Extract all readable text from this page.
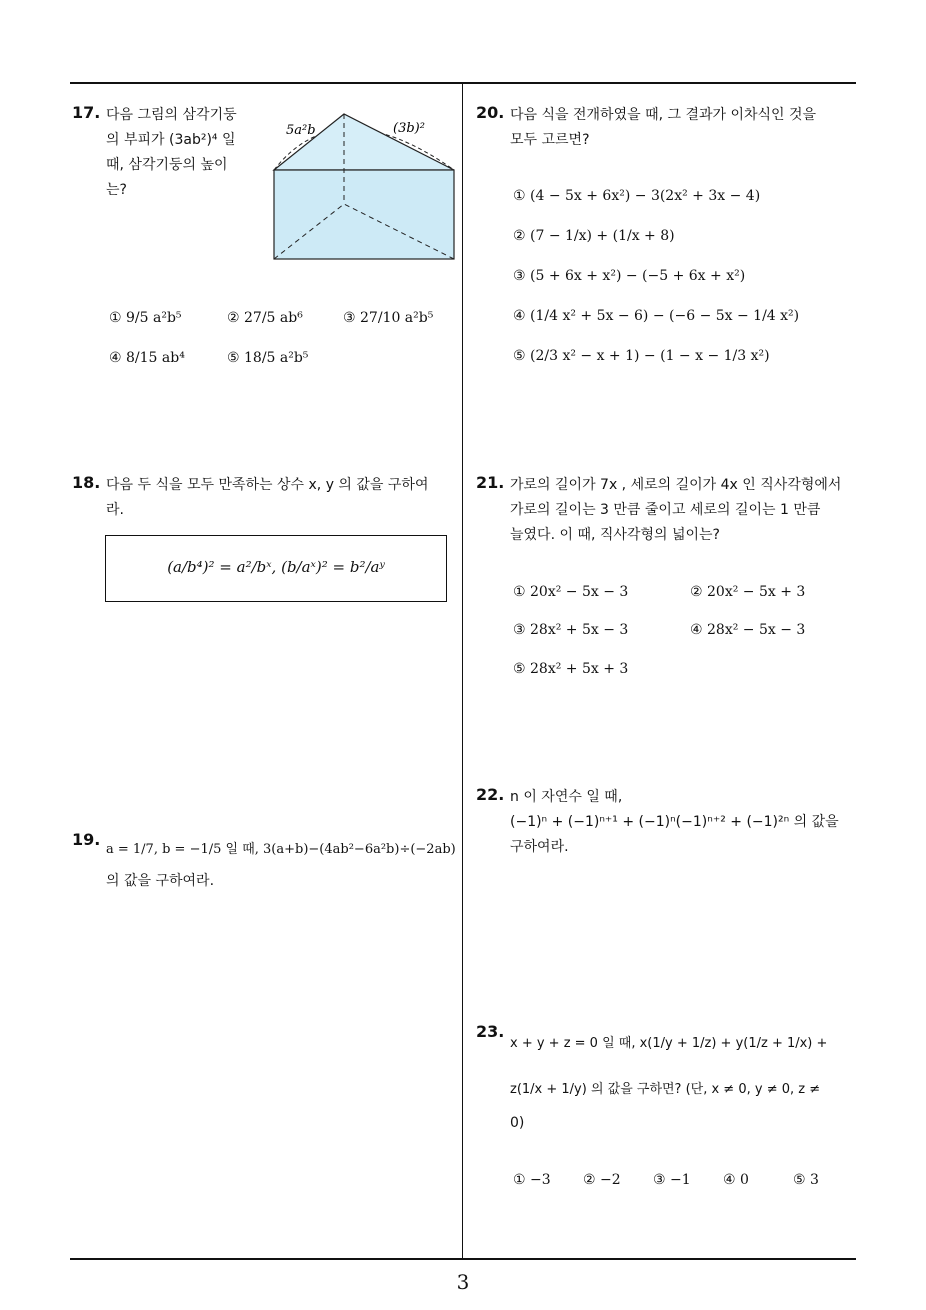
17. 다음 그림의 삼각기둥
의 부피가 (3ab²)⁴ 일
때, 삼각기둥의 높이
는?
5a²b	(3b)²
① 9/5 a²b⁵	② 27/5 ab⁶	③ 27/10 a²b⁵
④ 8/15 ab⁴	⑤ 18/5 a²b⁵
18. 다음 두 식을 모두 만족하는 상수 x, y 의 값을 구하여
라.
(a/b⁴)² = a²/bˣ, (b/aˣ)² = b²/aʸ
19.
a = 1/7, b = −1/5 일 때, 3(a+b)−(4ab²−6a²b)÷(−2ab)
의 값을 구하여라.
20. 다음 식을 전개하였을 때, 그 결과가 이차식인 것을
모두 고르면?
① (4 − 5x + 6x²) − 3(2x² + 3x − 4)
② (7 − 1/x) + (1/x + 8)
③ (5 + 6x + x²) − (−5 + 6x + x²)
④ (1/4 x² + 5x − 6) − (−6 − 5x − 1/4 x²)
⑤ (2/3 x² − x + 1) − (1 − x − 1/3 x²)
21. 가로의 길이가 7x , 세로의 길이가 4x 인 직사각형에서
가로의 길이는 3 만큼 줄이고 세로의 길이는 1 만큼
늘였다. 이 때, 직사각형의 넓이는?
① 20x² − 5x − 3	② 20x² − 5x + 3
③ 28x² + 5x − 3	④ 28x² − 5x − 3
⑤ 28x² + 5x + 3
22. n 이 자연수 일 때,
(−1)ⁿ + (−1)ⁿ⁺¹ + (−1)ⁿ(−1)ⁿ⁺² + (−1)²ⁿ 의 값을
구하여라.
23.
x + y + z = 0 일 때, x(1/y + 1/z) + y(1/z + 1/x) +
z(1/x + 1/y) 의 값을 구하면? (단, x ≠ 0, y ≠ 0, z ≠
0)
① −3 ② −2 ③ −1 ④ 0	⑤ 3
3
